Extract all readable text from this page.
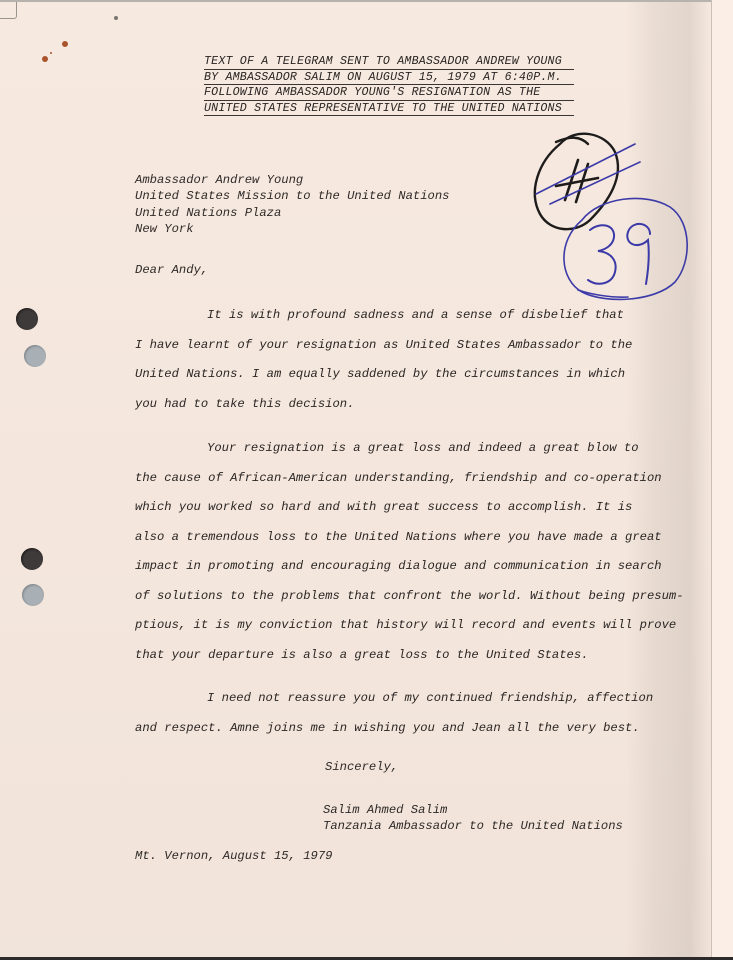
TEXT OF A TELEGRAM SENT TO AMBASSADOR ANDREW YOUNG
BY AMBASSADOR SALIM ON AUGUST 15, 1979 AT 6:40P.M.
FOLLOWING AMBASSADOR YOUNG'S RESIGNATION AS THE
UNITED STATES REPRESENTATIVE TO THE UNITED NATIONS
Ambassador Andrew Young
United States Mission to the United Nations
United Nations Plaza
New York
Dear Andy,
It is with profound sadness and a sense of disbelief that
I have learnt of your resignation as United States Ambassador to the
United Nations. I am equally saddened by the circumstances in which
you had to take this decision.
Your resignation is a great loss and indeed a great blow to
the cause of African-American understanding, friendship and co-operation
which you worked so hard and with great success to accomplish. It is
also a tremendous loss to the United Nations where you have made a great
impact in promoting and encouraging dialogue and communication in search
of solutions to the problems that confront the world. Without being presum-
ptious, it is my conviction that history will record and events will prove
that your departure is also a great loss to the United States.
I need not reassure you of my continued friendship, affection
and respect. Amne joins me in wishing you and Jean all the very best.
Sincerely,
Salim Ahmed Salim
Tanzania Ambassador to the United Nations
Mt. Vernon, August 15, 1979
